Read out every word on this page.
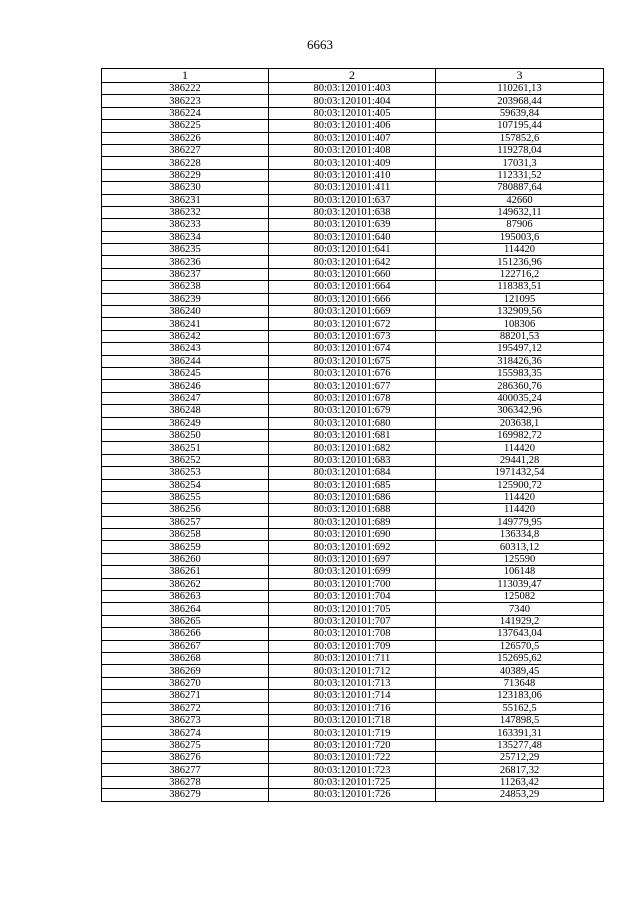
6663
1	2	3
386222	80:03:120101:403	110261,13
386223	80:03:120101:404	203968,44
386224	80:03:120101:405	59639,84
386225	80:03:120101:406	107195,44
386226	80:03:120101:407	157852,6
386227	80:03:120101:408	119278,04
386228	80:03:120101:409	17031,3
386229	80:03:120101:410	112331,52
386230	80:03:120101:411	780887,64
386231	80:03:120101:637	42660
386232	80:03:120101:638	149632,11
386233	80:03:120101:639	87906
386234	80:03:120101:640	195003,6
386235	80:03:120101:641	114420
386236	80:03:120101:642	151236,96
386237	80:03:120101:660	122716,2
386238	80:03:120101:664	118383,51
386239	80:03:120101:666	121095
386240	80:03:120101:669	132909,56
386241	80:03:120101:672	108306
386242	80:03:120101:673	88201,53
386243	80:03:120101:674	195497,12
386244	80:03:120101:675	318426,36
386245	80:03:120101:676	155983,35
386246	80:03:120101:677	286360,76
386247	80:03:120101:678	400035,24
386248	80:03:120101:679	306342,96
386249	80:03:120101:680	203638,1
386250	80:03:120101:681	169982,72
386251	80:03:120101:682	114420
386252	80:03:120101:683	29441,28
386253	80:03:120101:684	1971432,54
386254	80:03:120101:685	125900,72
386255	80:03:120101:686	114420
386256	80:03:120101:688	114420
386257	80:03:120101:689	149779,95
386258	80:03:120101:690	136334,8
386259	80:03:120101:692	60313,12
386260	80:03:120101:697	125590
386261	80:03:120101:699	106148
386262	80:03:120101:700	113039,47
386263	80:03:120101:704	125082
386264	80:03:120101:705	7340
386265	80:03:120101:707	141929,2
386266	80:03:120101:708	137643,04
386267	80:03:120101:709	126570,5
386268	80:03:120101:711	152695,62
386269	80:03:120101:712	40389,45
386270	80:03:120101:713	713648
386271	80:03:120101:714	123183,06
386272	80:03:120101:716	55162,5
386273	80:03:120101:718	147898,5
386274	80:03:120101:719	163391,31
386275	80:03:120101:720	135277,48
386276	80:03:120101:722	25712,29
386277	80:03:120101:723	26817,32
386278	80:03:120101:725	11263,42
386279	80:03:120101:726	24853,29
